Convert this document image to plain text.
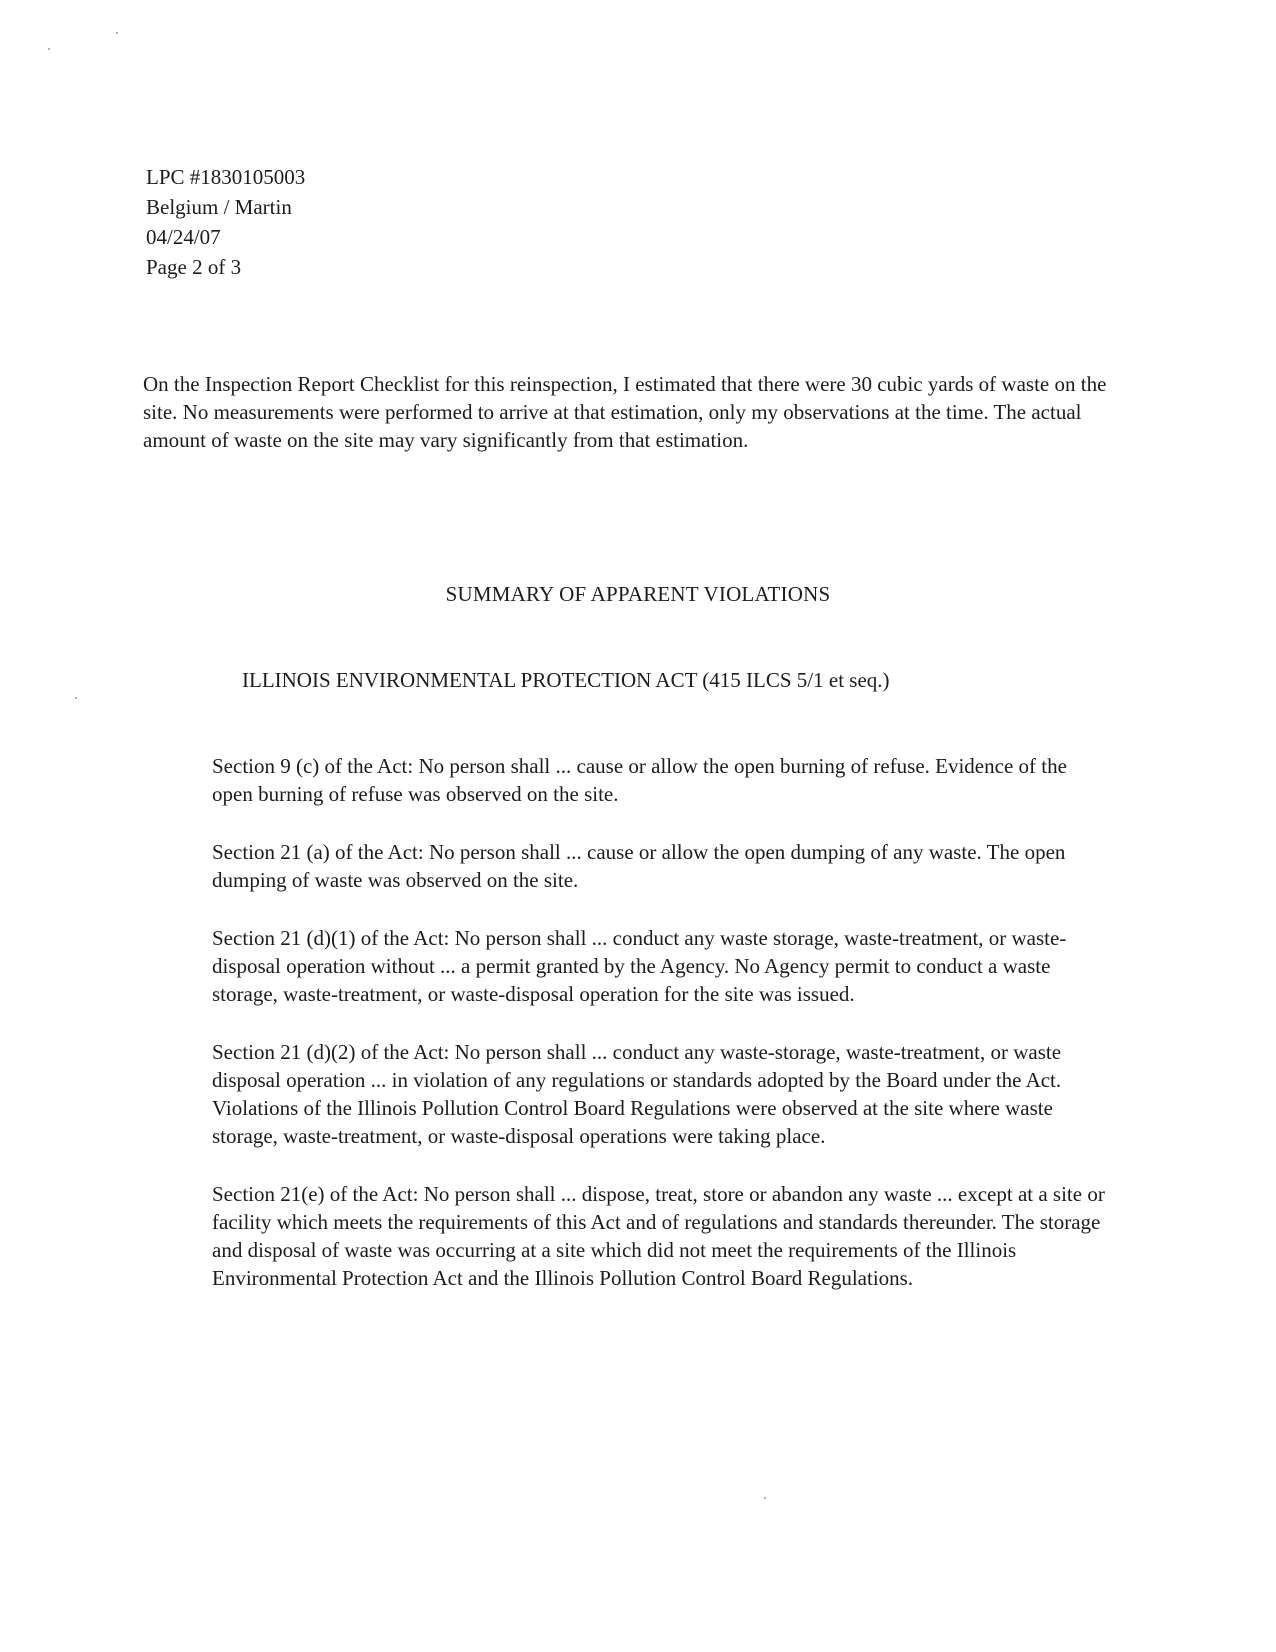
LPC #1830105003
Belgium / Martin
04/24/07
Page 2 of 3

On the Inspection Report Checklist for this reinspection, I estimated that there were 30 cubic yards of waste on the site. No measurements were performed to arrive at that estimation, only my observations at the time. The actual amount of waste on the site may vary significantly from that estimation.

SUMMARY OF APPARENT VIOLATIONS
ILLINOIS ENVIRONMENTAL PROTECTION ACT (415 ILCS 5/1 et seq.)

Section 9 (c) of the Act: No person shall ... cause or allow the open burning of refuse. Evidence of the open burning of refuse was observed on the site.

Section 21 (a) of the Act: No person shall ... cause or allow the open dumping of any waste. The open dumping of waste was observed on the site.

Section 21 (d)(1) of the Act: No person shall ... conduct any waste storage, waste-treatment, or waste-disposal operation without ... a permit granted by the Agency. No Agency permit to conduct a waste storage, waste-treatment, or waste-disposal operation for the site was issued.

Section 21 (d)(2) of the Act: No person shall ... conduct any waste-storage, waste-treatment, or waste disposal operation ... in violation of any regulations or standards adopted by the Board under the Act. Violations of the Illinois Pollution Control Board Regulations were observed at the site where waste storage, waste-treatment, or waste-disposal operations were taking place.

Section 21(e) of the Act: No person shall ... dispose, treat, store or abandon any waste ... except at a site or facility which meets the requirements of this Act and of regulations and standards thereunder. The storage and disposal of waste was occurring at a site which did not meet the requirements of the Illinois Environmental Protection Act and the Illinois Pollution Control Board Regulations.
